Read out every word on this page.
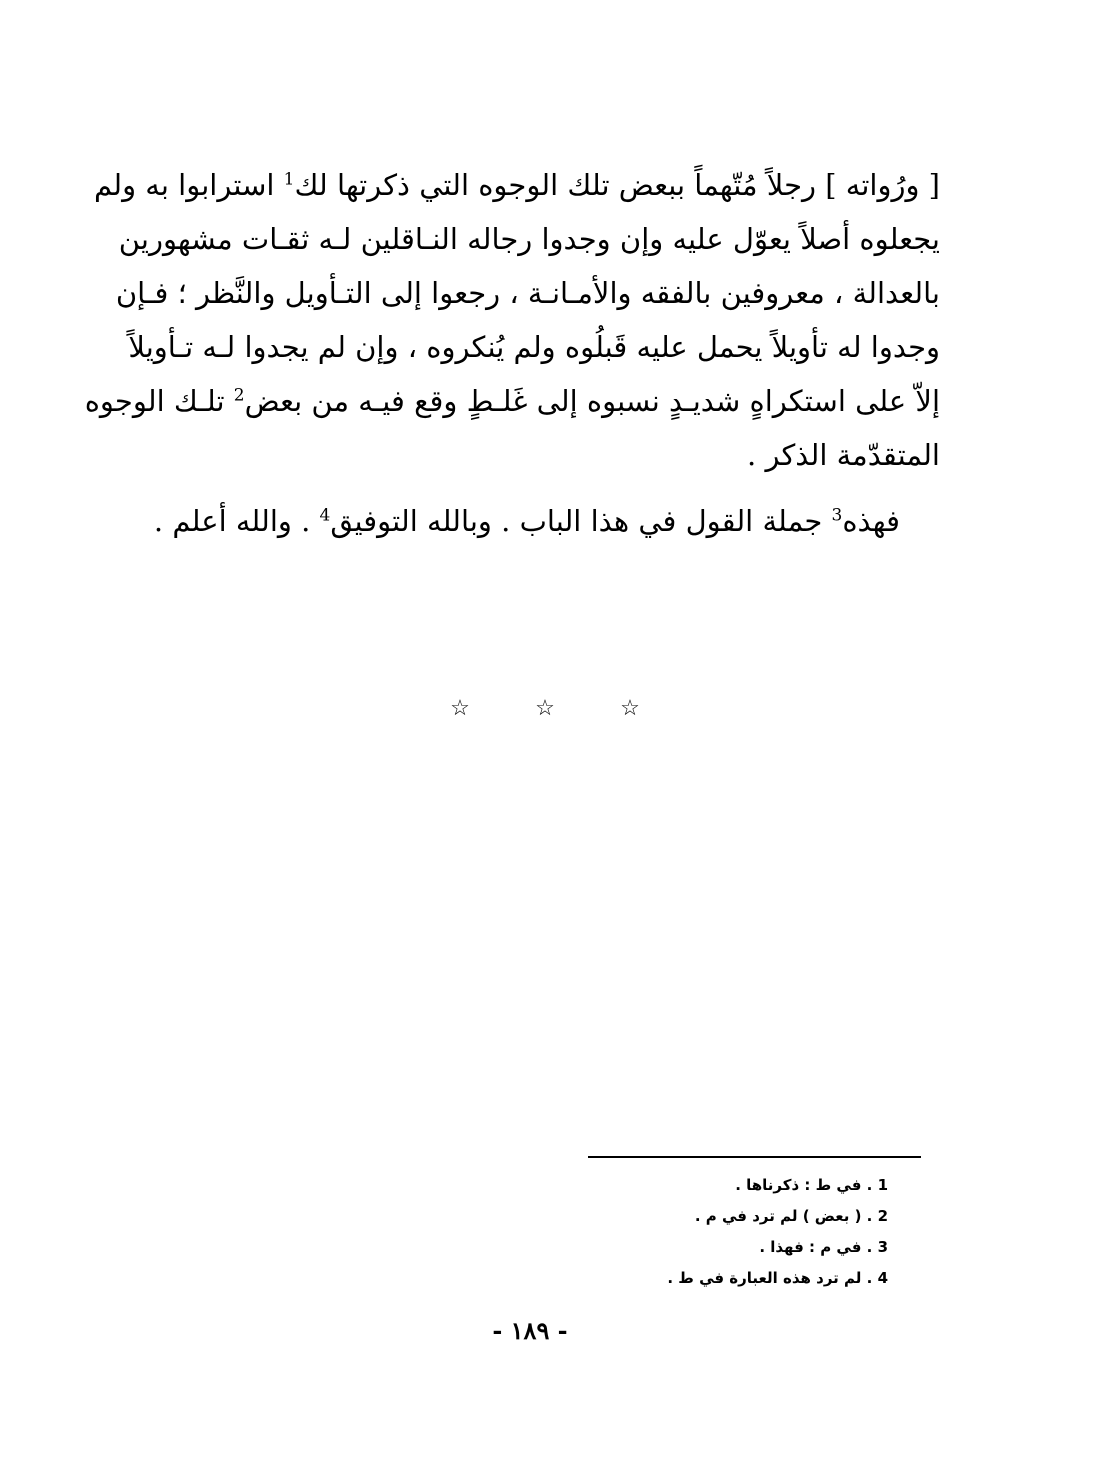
[ ورُواته ] رجلاً مُتّهماً ببعض تلك الوجوه التي ذكرتها لك$^1$ استرابوا به ولم
يجعلوه أصلاً يعوّل عليه وإن وجدوا رجاله النـاقلين لـه ثقـات مشهورين
بالعدالة ، معروفين بالفقه والأمـانـة ، رجعوا إلى التـأويل والنَّظر ؛ فـإن
وجدوا له تأويلاً يحمل عليه قَبلُوه ولم يُنكروه ، وإن لم يجدوا لـه تـأويلاً
إلاّ على استكراهٍ شديـدٍ نسبوه إلى غَلـطٍ وقع فيـه من بعض$^2$ تلـك الوجوه
المتقدّمة الذكر .
فهذه$^3$ جملة القول في هذا الباب . وبالله التوفيق$^4$ . والله أعلم .
☆	☆	☆
1 . في ط : ذكرناها .
2 . ( بعض ) لم ترد في م .
3 . في م : فهذا .
4 . لم ترد هذه العبارة في ط .
- ١٨٩ -
